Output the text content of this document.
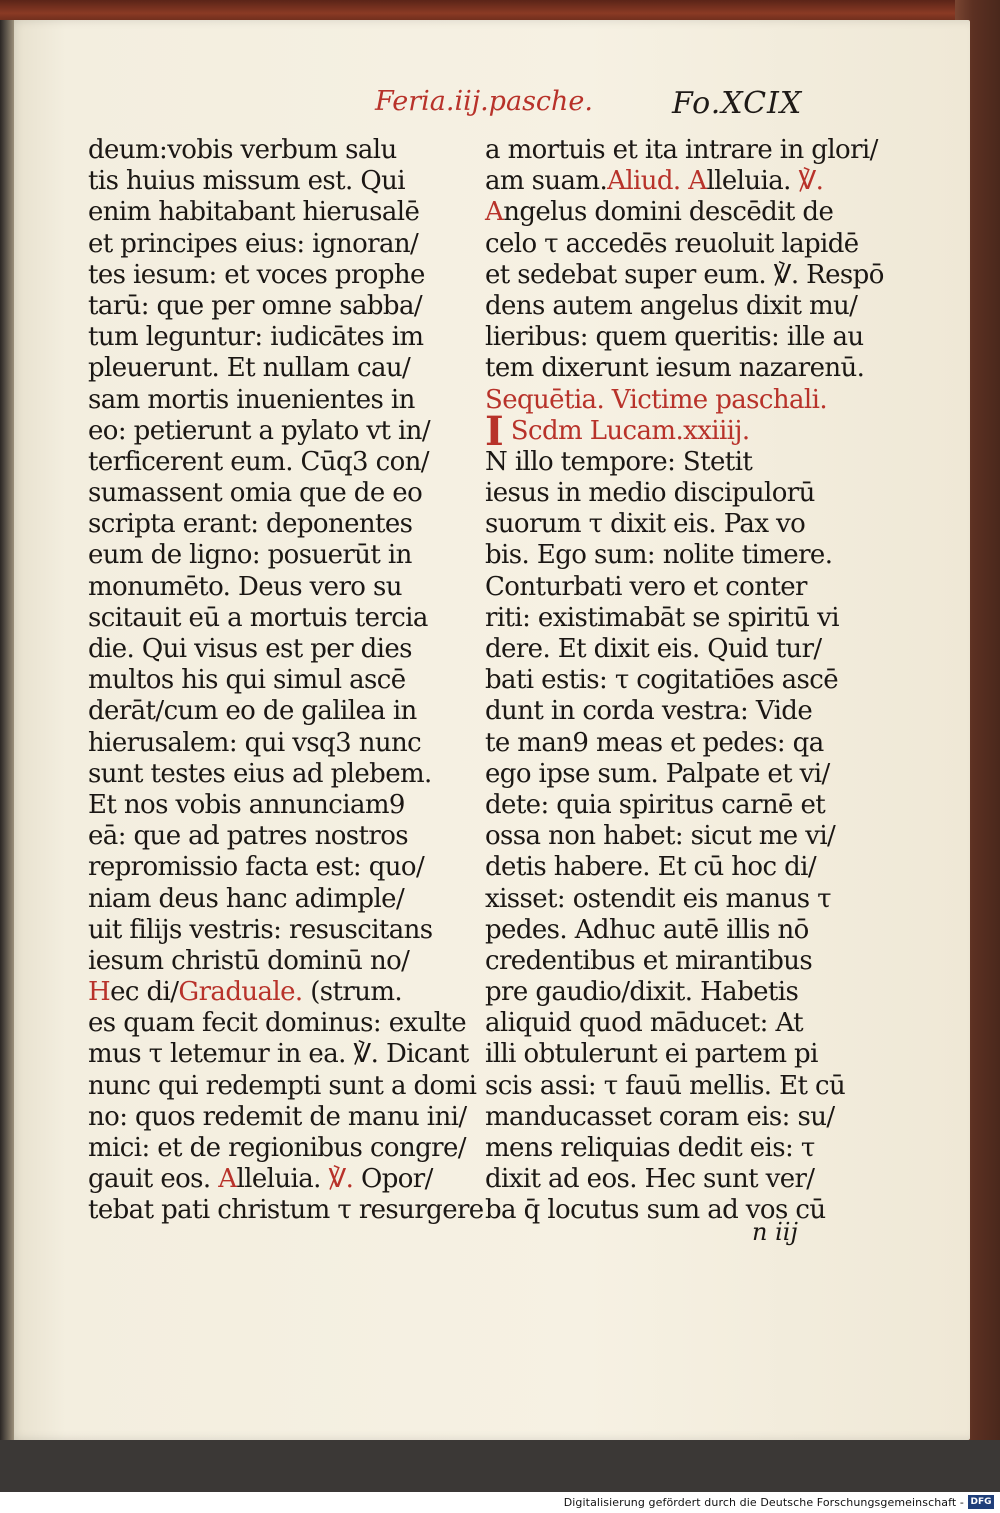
Feria.iij.pasche.	Fo.XCIX
deum:vobis verbum salu
tis huius missum est. Qui
enim habitabant hierusalē
et principes eius: ignoran/
tes iesum: et voces prophe
tarū: que per omne sabba/
tum leguntur: iudicātes im
pleuerunt. Et nullam cau/
sam mortis inuenientes in
eo: petierunt a pylato vt in/
terficerent eum. Cūq3 con/
sumassent omia que de eo
scripta erant: deponentes
eum de ligno: posuerūt in
monumēto. Deus vero su
scitauit eū a mortuis tercia
die. Qui visus est per dies
multos his qui simul ascē
derāt/cum eo de galilea in
hierusalem: qui vsq3 nunc
sunt testes eius ad plebem.
Et nos vobis annunciam9
eā: que ad patres nostros
repromissio facta est: quo/
niam deus hanc adimple/
uit filijs vestris: resuscitans
iesum christū dominū no/
Hec di/Graduale. (strum.
es quam fecit dominus: exulte
mus τ letemur in ea. ℣. Dicant
nunc qui redempti sunt a domi
no: quos redemit de manu ini/
mici: et de regionibus congre/
gauit eos. Alleluia. ℣. Opor/
tebat pati christum τ resurgere
a mortuis et ita intrare in glori/
am suam.Aliud. Alleluia. ℣.
Angelus domini descēdit de
celo τ accedēs reuoluit lapidē
et sedebat super eum. ℣. Respō
dens autem angelus dixit mu/
lieribus: quem queritis: ille au
tem dixerunt iesum nazarenū.
Sequētia. Victime paschali.
I Scdm Lucam.xxiiij.
N illo tempore: Stetit
iesus in medio discipulorū
suorum τ dixit eis. Pax vo
bis. Ego sum: nolite timere.
Conturbati vero et conter
riti: existimabāt se spiritū vi
dere. Et dixit eis. Quid tur/
bati estis: τ cogitatiōes ascē
dunt in corda vestra: Vide
te man9 meas et pedes: qa
ego ipse sum. Palpate et vi/
dete: quia spiritus carnē et
ossa non habet: sicut me vi/
detis habere. Et cū hoc di/
xisset: ostendit eis manus τ
pedes. Adhuc autē illis nō
credentibus et mirantibus
pre gaudio/dixit. Habetis
aliquid quod māducet: At
illi obtulerunt ei partem pi
scis assi: τ fauū mellis. Et cū
manducasset coram eis: su/
mens reliquias dedit eis: τ
dixit ad eos. Hec sunt ver/
ba q̄ locutus sum ad vos cū
n iij
Digitalisierung gefördert durch die Deutsche Forschungsgemeinschaft - DFG
